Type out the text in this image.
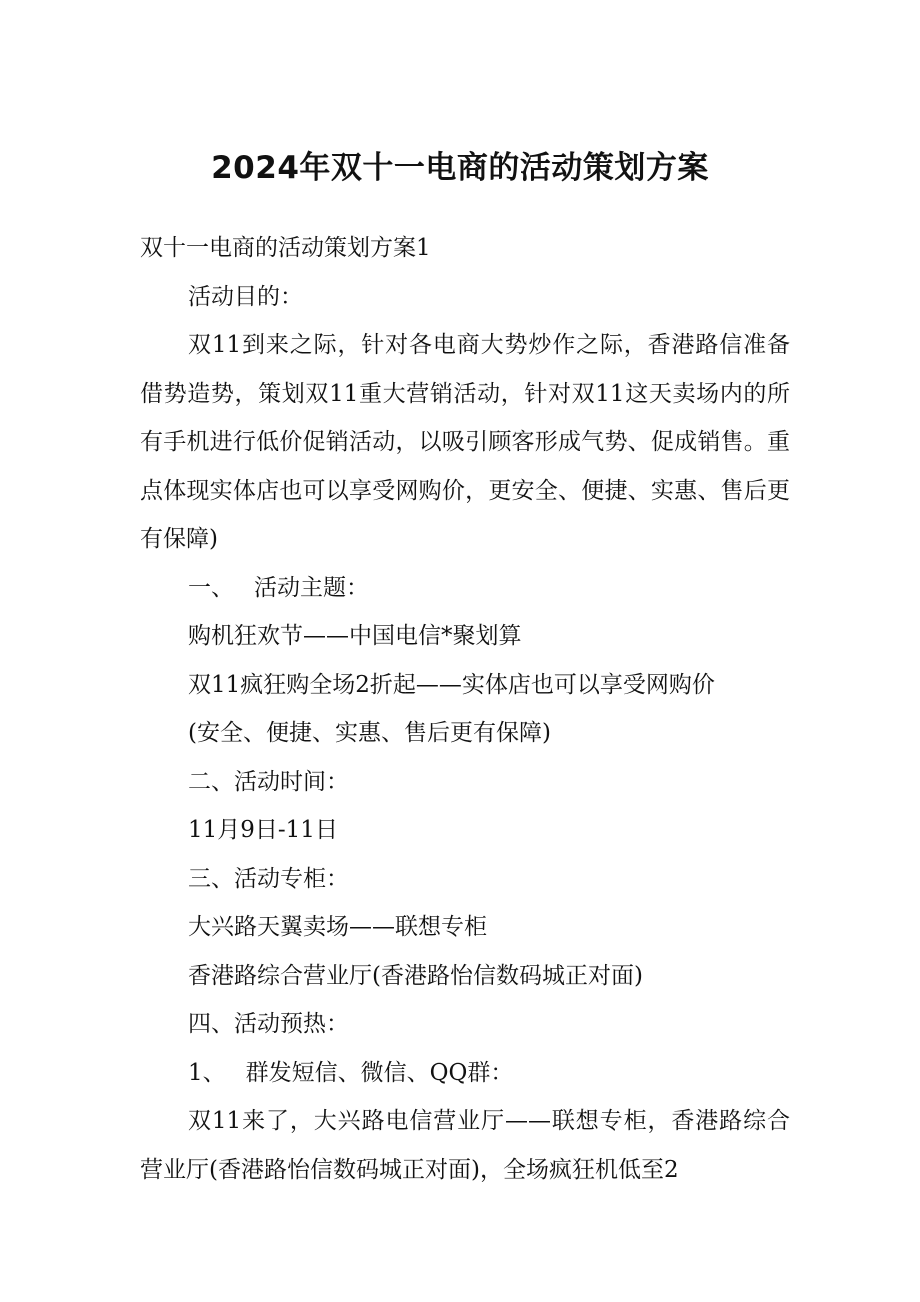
2024年双十一电商的活动策划方案

双十一电商的活动策划方案1

活动目的：

双11到来之际，针对各电商大势炒作之际，香港路信准备借势造势，策划双11重大营销活动，针对双11这天卖场内的所有手机进行低价促销活动，以吸引顾客形成气势、促成销售。重点体现实体店也可以享受网购价，更安全、便捷、实惠、售后更有保障)

一、 活动主题：

购机狂欢节——中国电信*聚划算

双11疯狂购全场2折起——实体店也可以享受网购价

(安全、便捷、实惠、售后更有保障)

二、活动时间：

11月9日-11日

三、活动专柜：

大兴路天翼卖场——联想专柜

香港路综合营业厅(香港路怡信数码城正对面)

四、活动预热：

1、 群发短信、微信、QQ群：

双11来了，大兴路电信营业厅——联想专柜，香港路综合营业厅(香港路怡信数码城正对面)，全场疯狂机低至2
